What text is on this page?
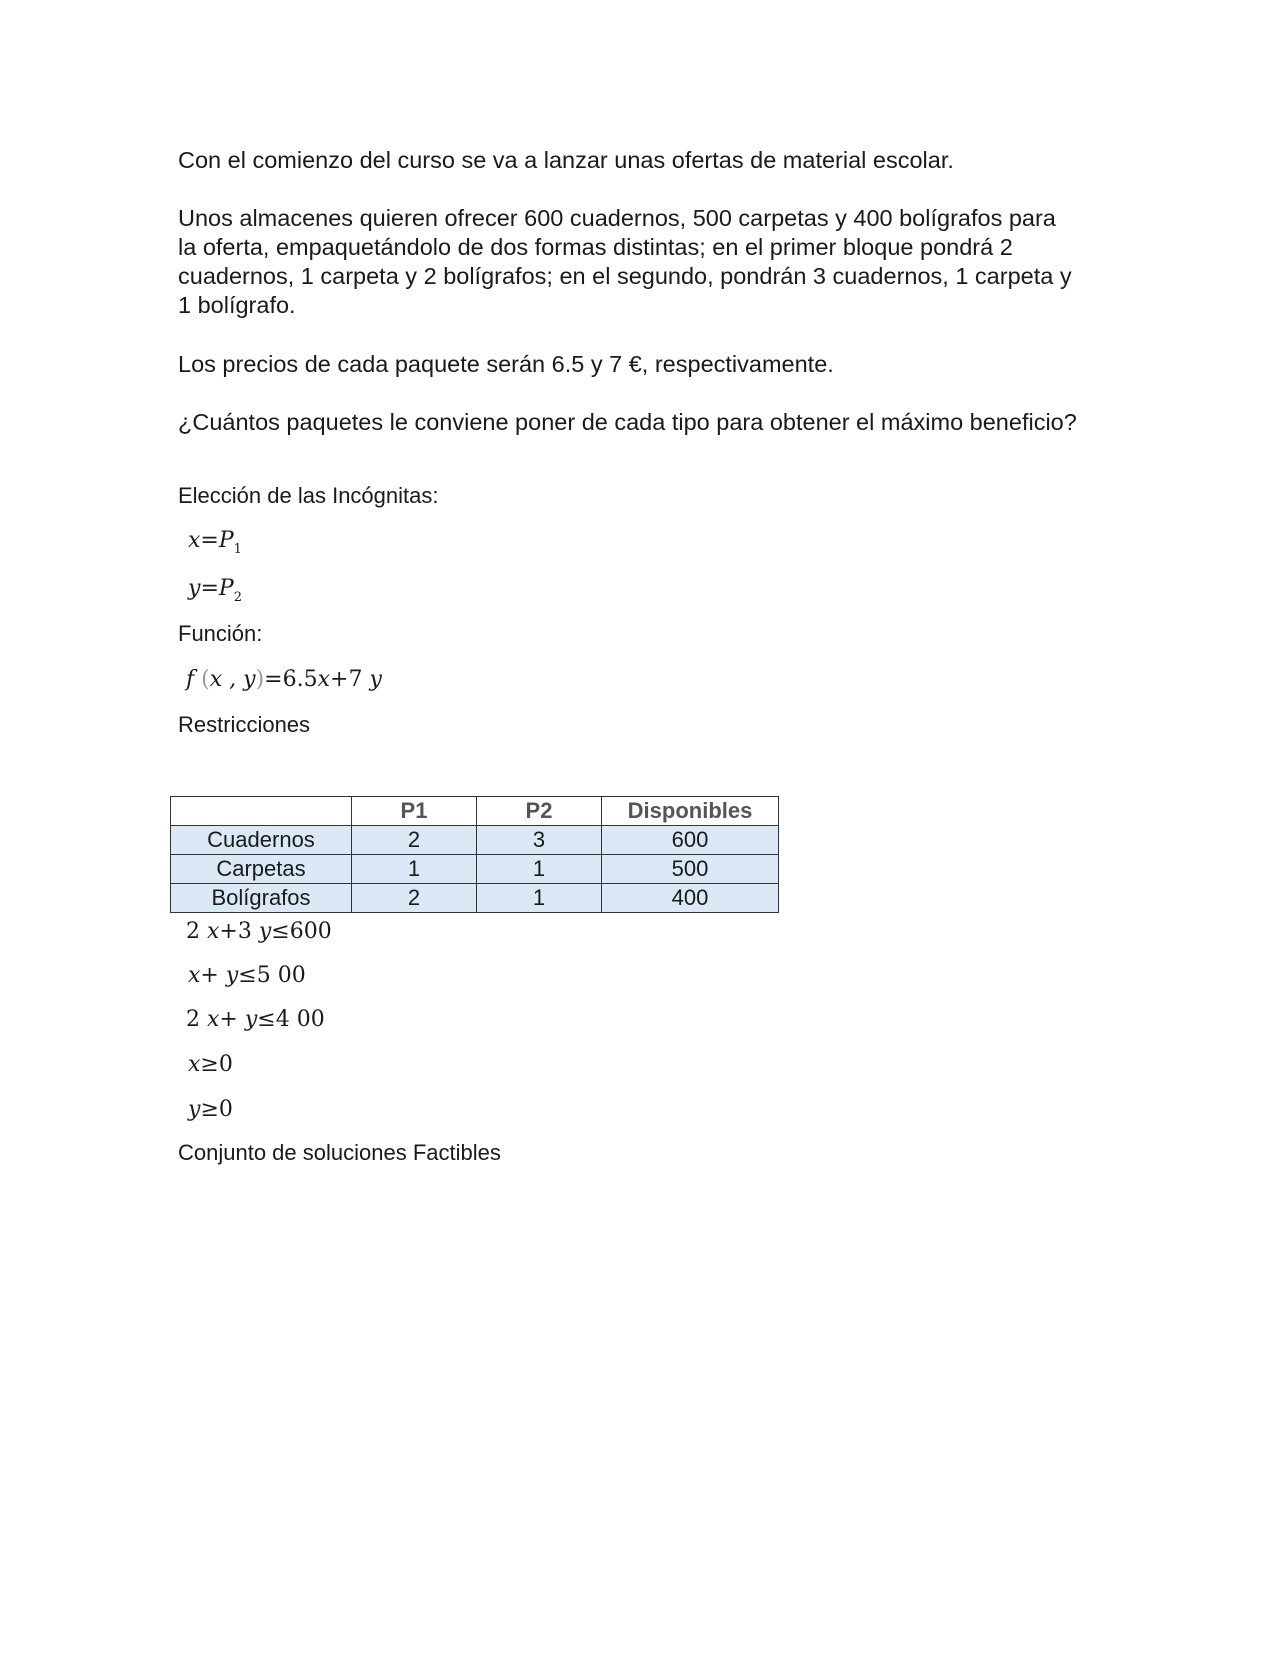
Con el comienzo del curso se va a lanzar unas ofertas de material escolar.

Unos almacenes quieren ofrecer 600 cuadernos, 500 carpetas y 400 bolígrafos para la oferta, empaquetándolo de dos formas distintas; en el primer bloque pondrá 2 cuadernos, 1 carpeta y 2 bolígrafos; en el segundo, pondrán 3 cuadernos, 1 carpeta y 1 bolígrafo.

Los precios de cada paquete serán 6.5 y 7 €, respectivamente.

¿Cuántos paquetes le conviene poner de cada tipo para obtener el máximo beneficio?

Elección de las Incógnitas:
$x=P_1$
$y=P_2$
Función:
f (x , y)=6.5x+7 y
Restricciones
	P1	P2	Disponibles
Cuadernos	2	3	600
Carpetas	1	1	500
Bolígrafos	2	1	400
2 x+3 y≤600
x+ y≤5 00
2 x+ y≤4 00
x≥0
y≥0
Conjunto de soluciones Factibles
